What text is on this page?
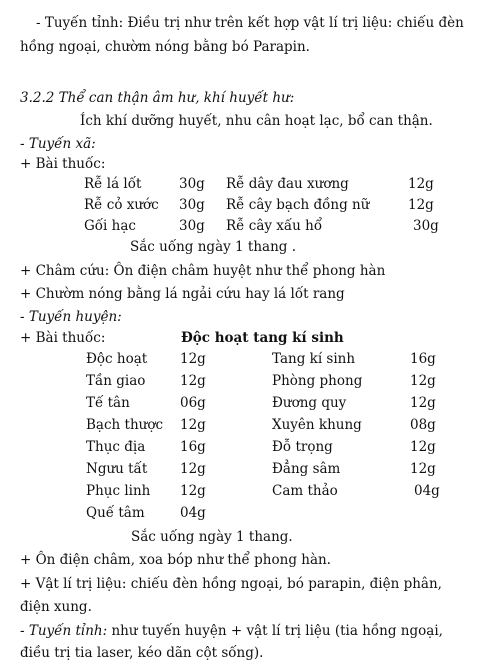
- Tuyến tỉnh: Điều trị như trên kết hợp vật lí trị liệu: chiếu đèn
hồng ngoại, chườm nóng bằng bó Parapin.
3.2.2 Thể can thận âm hư, khí huyết hư:
Ích khí dưỡng huyết, nhu cân hoạt lạc, bổ can thận.
- Tuyến xã:
+ Bài thuốc:
Rễ lá lốt	30g Rễ dây đau xương	12g
Rễ cỏ xước 30g Rễ cây bạch đồng nữ	12g
Gối hạc	30g Rễ cây xấu hổ	30g
Sắc uống ngày 1 thang .
+ Châm cứu: Ôn điện châm huyệt như thể phong hàn
+ Chườm nóng bằng lá ngải cứu hay lá lốt rang
- Tuyến huyện:
+ Bài thuốc:	Độc hoạt tang kí sinh
Độc hoạt 12g	Tang kí sinh	16g
Tần giao	12g	Phòng phong	12g
Tế tân	06g	Đương quy	12g
Bạch thược 12g	Xuyên khung	08g
Thục địa	16g	Đỗ trọng	12g
Ngưu tất 12g	Đẳng sâm	12g
Phục linh 12g	Cam thảo	04g
Quế tâm	04g
Sắc uống ngày 1 thang.
+ Ôn điện châm, xoa bóp như thể phong hàn.
+ Vật lí trị liệu: chiếu đèn hồng ngoại, bó parapin, điện phân,
điện xung.
- Tuyến tỉnh: như tuyến huyện + vật lí trị liệu (tia hồng ngoại,
điều trị tia laser, kéo dãn cột sống).
